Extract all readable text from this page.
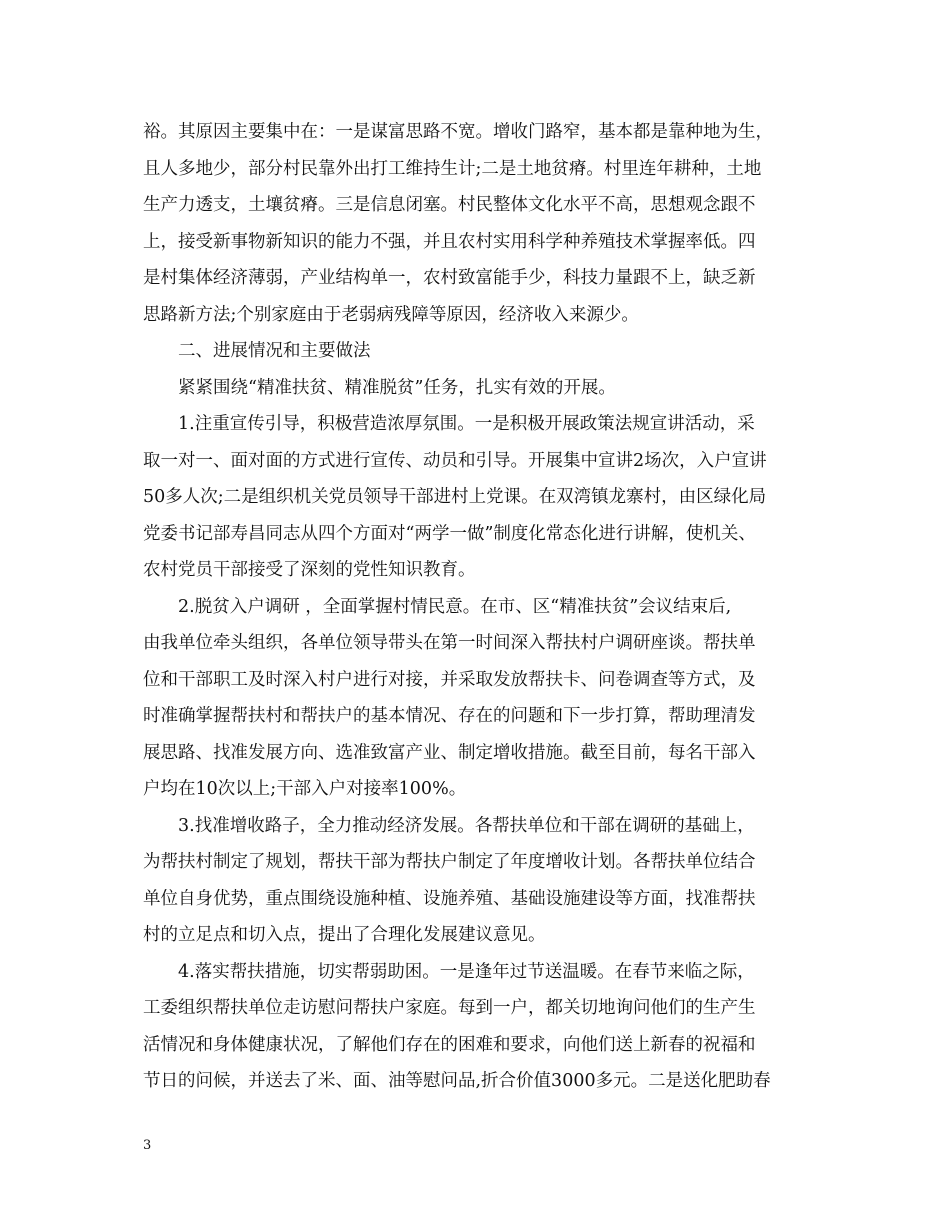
裕。其原因主要集中在：一是谋富思路不宽。增收门路窄，基本都是靠种地为生，
且人多地少，部分村民靠外出打工维持生计;二是土地贫瘠。村里连年耕种，土地
生产力透支，土壤贫瘠。三是信息闭塞。村民整体文化水平不高，思想观念跟不
上，接受新事物新知识的能力不强，并且农村实用科学种养殖技术掌握率低。四
是村集体经济薄弱，产业结构单一，农村致富能手少，科技力量跟不上，缺乏新
思路新方法;个别家庭由于老弱病残障等原因，经济收入来源少。
二、进展情况和主要做法
紧紧围绕“精准扶贫、精准脱贫”任务，扎实有效的开展。
1.注重宣传引导，积极营造浓厚氛围。一是积极开展政策法规宣讲活动，采
取一对一、面对面的方式进行宣传、动员和引导。开展集中宣讲2场次，入户宣讲
50多人次;二是组织机关党员领导干部进村上党课。在双湾镇龙寨村，由区绿化局
党委书记部寿昌同志从四个方面对“两学一做”制度化常态化进行讲解，使机关、
农村党员干部接受了深刻的党性知识教育。
2.脱贫入户调研 ，全面掌握村情民意。在市、区“精准扶贫”会议结束后,
由我单位牵头组织，各单位领导带头在第一时间深入帮扶村户调研座谈。帮扶单
位和干部职工及时深入村户进行对接，并采取发放帮扶卡、问卷调查等方式，及
时准确掌握帮扶村和帮扶户的基本情况、存在的问题和下一步打算，帮助理清发
展思路、找准发展方向、选准致富产业、制定增收措施。截至目前，每名干部入
户均在10次以上;干部入户对接率100%。
3.找准增收路子，全力推动经济发展。各帮扶单位和干部在调研的基础上，
为帮扶村制定了规划，帮扶干部为帮扶户制定了年度增收计划。各帮扶单位结合
单位自身优势，重点围绕设施种植、设施养殖、基础设施建设等方面，找准帮扶
村的立足点和切入点，提出了合理化发展建议意见。
4.落实帮扶措施，切实帮弱助困。一是逢年过节送温暖。在春节来临之际，
工委组织帮扶单位走访慰问帮扶户家庭。每到一户，都关切地询问他们的生产生
活情况和身体健康状况，了解他们存在的困难和要求，向他们送上新春的祝福和
节日的问候，并送去了米、面、油等慰问品,折合价值3000多元。二是送化肥助春
3
